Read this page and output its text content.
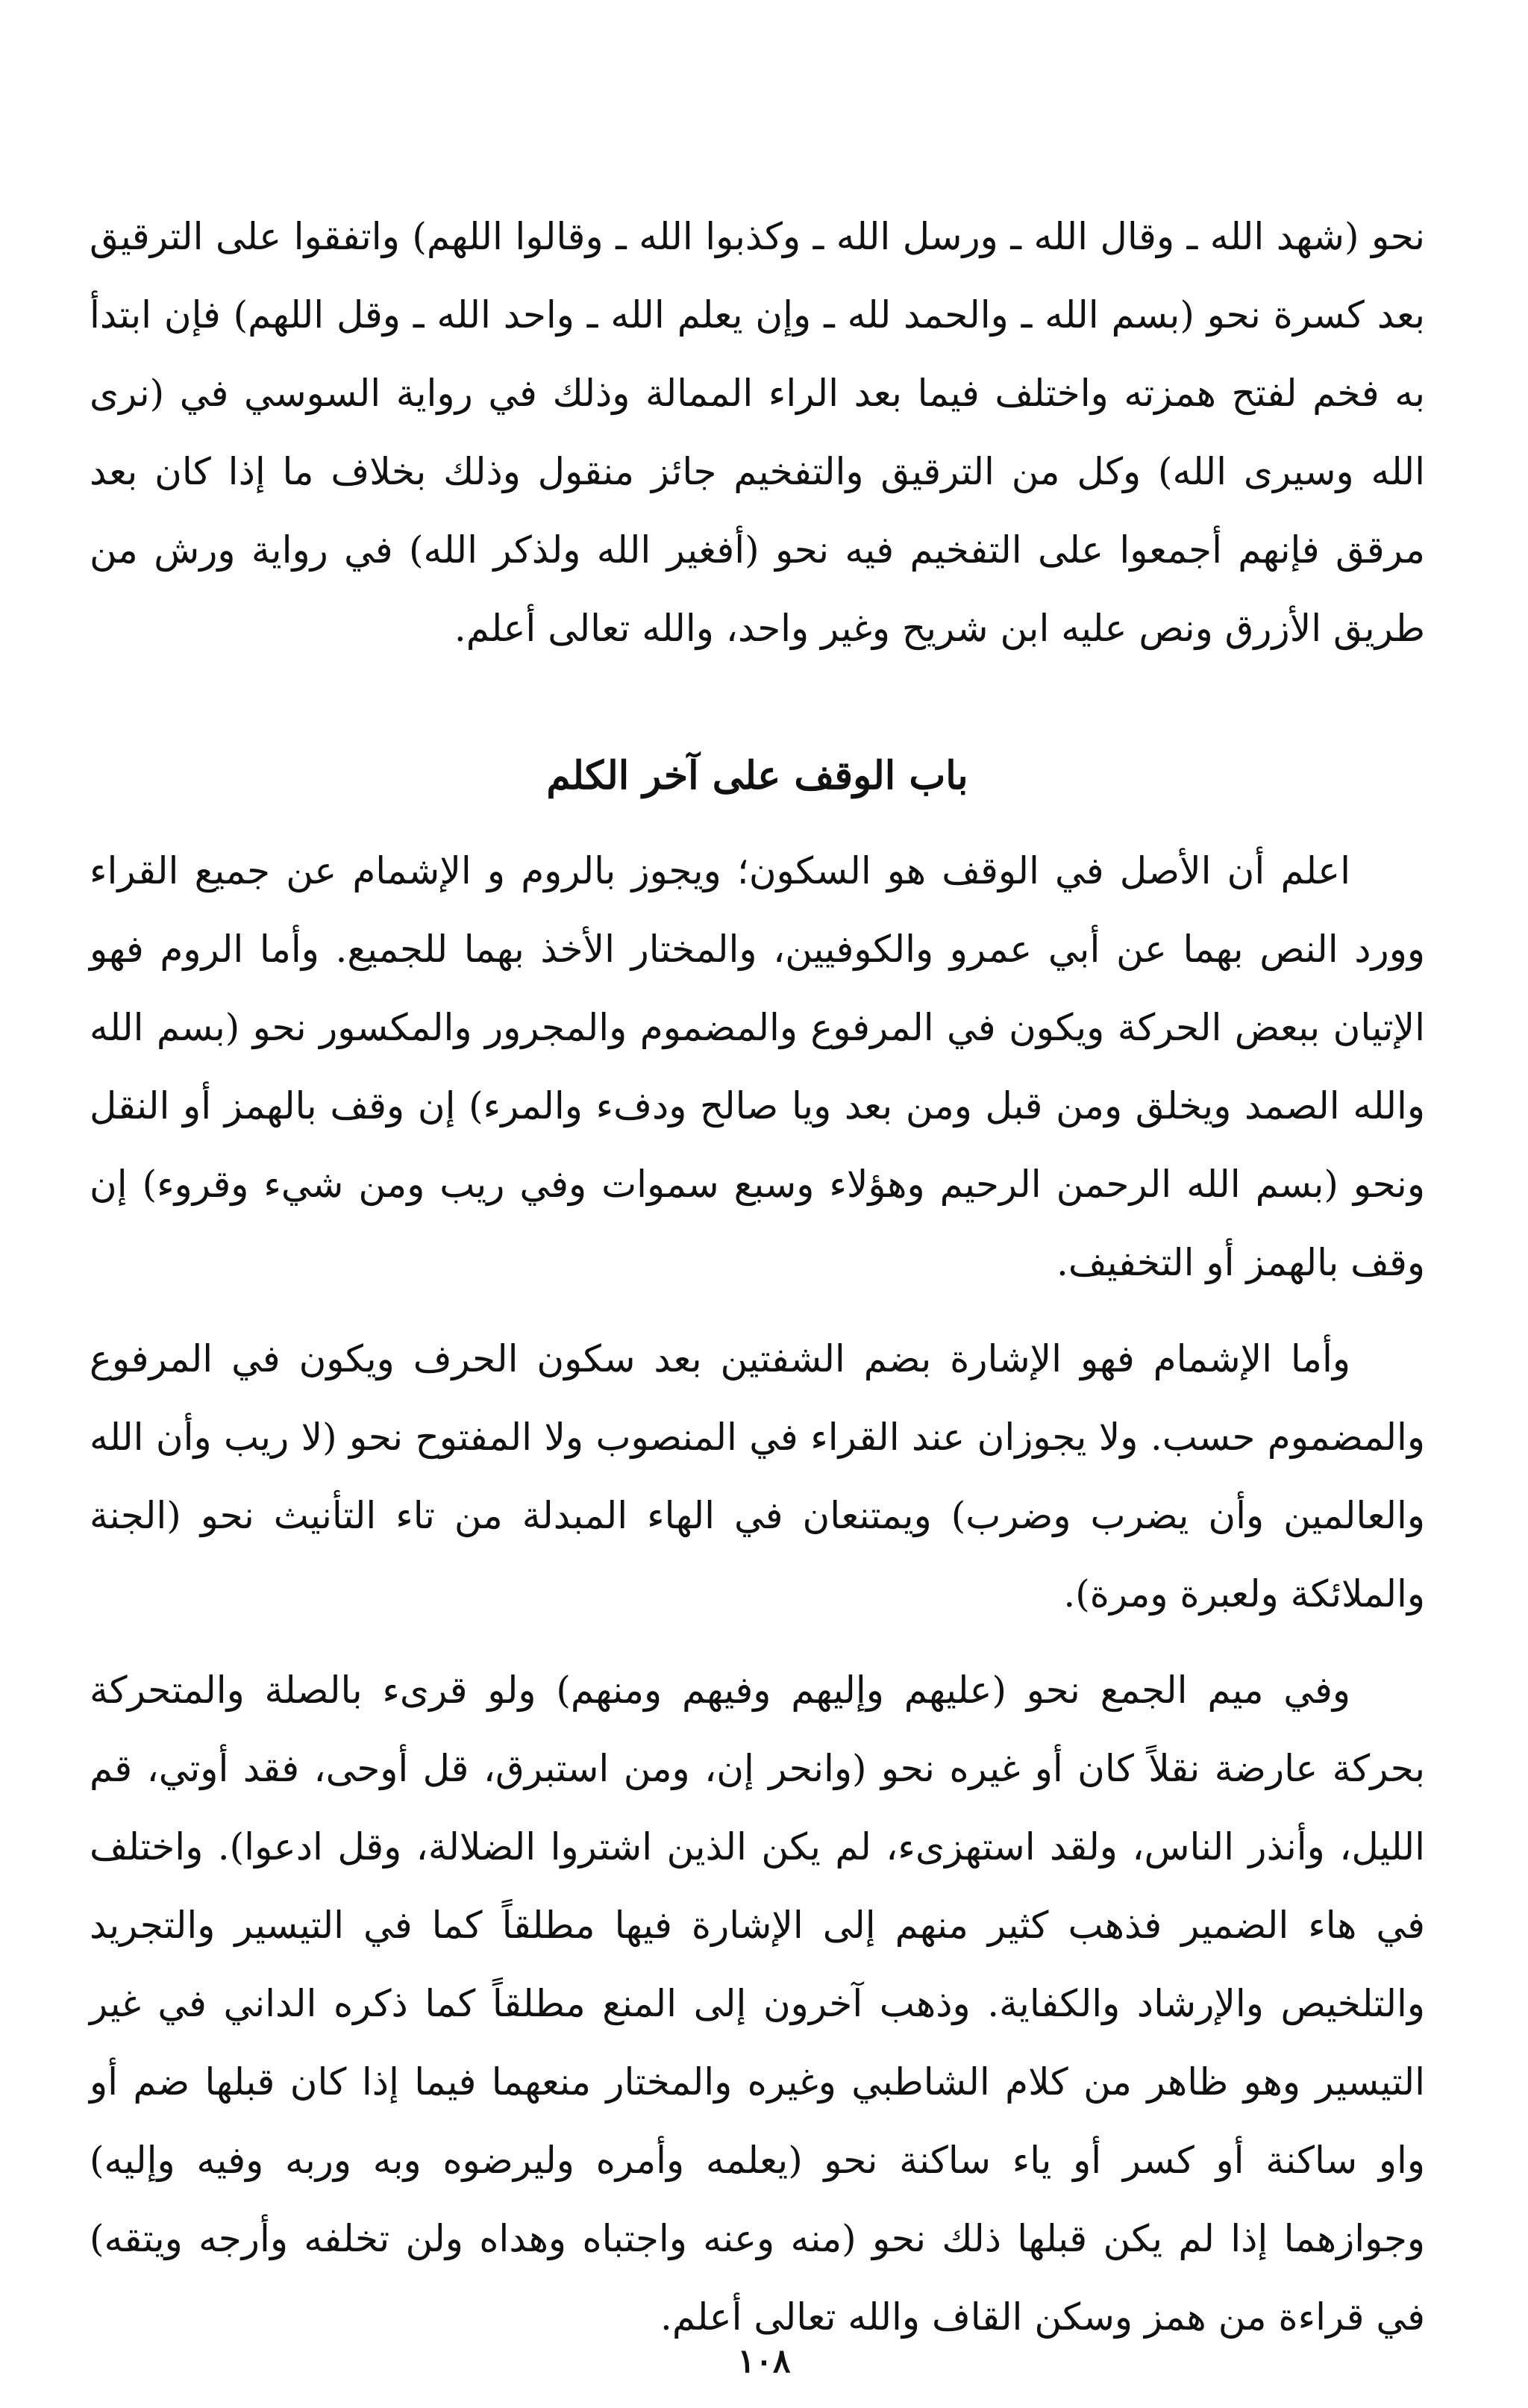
نحو (شهد الله ـ وقال الله ـ ورسل الله ـ وكذبوا الله ـ وقالوا اللهم) واتفقوا على الترقيق بعد كسرة نحو (بسم الله ـ والحمد لله ـ وإن يعلم الله ـ واحد الله ـ وقل اللهم) فإن ابتدأ به فخم لفتح همزته واختلف فيما بعد الراء الممالة وذلك في رواية السوسي في (نرى الله وسيرى الله) وكل من الترقيق والتفخيم جائز منقول وذلك بخلاف ما إذا كان بعد مرقق فإنهم أجمعوا على التفخيم فيه نحو (أفغير الله ولذكر الله) في رواية ورش من طريق الأزرق ونص عليه ابن شريح وغير واحد، والله تعالى أعلم.

باب الوقف على آخر الكلم

اعلم أن الأصل في الوقف هو السكون؛ ويجوز بالروم و الإشمام عن جميع القراء وورد النص بهما عن أبي عمرو والكوفيين، والمختار الأخذ بهما للجميع. وأما الروم فهو الإتيان ببعض الحركة ويكون في المرفوع والمضموم والمجرور والمكسور نحو (بسم الله والله الصمد ويخلق ومن قبل ومن بعد ويا صالح ودفء والمرء) إن وقف بالهمز أو النقل ونحو (بسم الله الرحمن الرحيم وهؤلاء وسبع سموات وفي ريب ومن شيء وقروء) إن وقف بالهمز أو التخفيف.

وأما الإشمام فهو الإشارة بضم الشفتين بعد سكون الحرف ويكون في المرفوع والمضموم حسب. ولا يجوزان عند القراء في المنصوب ولا المفتوح نحو (لا ريب وأن الله والعالمين وأن يضرب وضرب) ويمتنعان في الهاء المبدلة من تاء التأنيث نحو (الجنة والملائكة ولعبرة ومرة).

وفي ميم الجمع نحو (عليهم وإليهم وفيهم ومنهم) ولو قرىء بالصلة والمتحركة بحركة عارضة نقلاً كان أو غيره نحو (وانحر إن، ومن استبرق، قل أوحى، فقد أوتي، قم الليل، وأنذر الناس، ولقد استهزىء، لم يكن الذين اشتروا الضلالة، وقل ادعوا). واختلف في هاء الضمير فذهب كثير منهم إلى الإشارة فيها مطلقاً كما في التيسير والتجريد والتلخيص والإرشاد والكفاية. وذهب آخرون إلى المنع مطلقاً كما ذكره الداني في غير التيسير وهو ظاهر من كلام الشاطبي وغيره والمختار منعهما فيما إذا كان قبلها ضم أو واو ساكنة أو كسر أو ياء ساكنة نحو (يعلمه وأمره وليرضوه وبه وربه وفيه وإليه) وجوازهما إذا لم يكن قبلها ذلك نحو (منه وعنه واجتباه وهداه ولن تخلفه وأرجه ويتقه) في قراءة من همز وسكن القاف والله تعالى أعلم.

١٠٨
